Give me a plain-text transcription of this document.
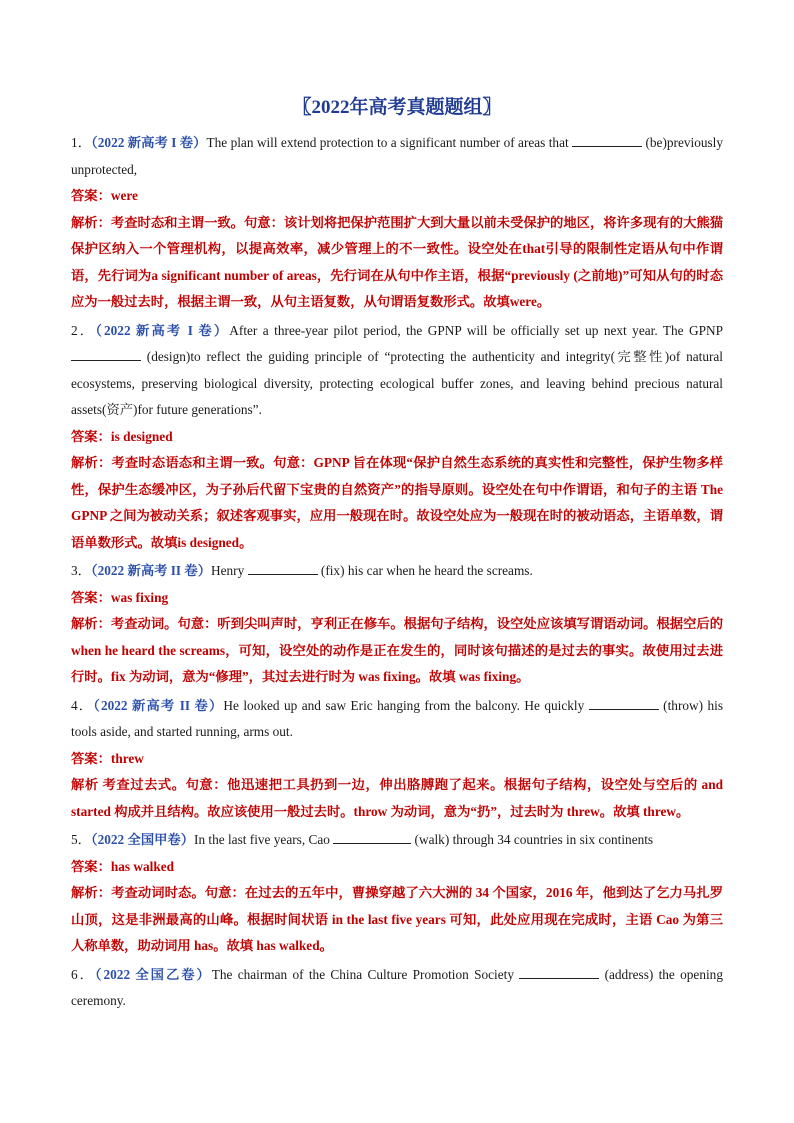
〖2022年高考真题题组〗

1．（2022 新高考 I 卷）The plan will extend protection to a significant number of areas that	(be)previously unprotected,

答案：were

解析：考查时态和主谓一致。句意：该计划将把保护范围扩大到大量以前未受保护的地区，将许多现有的大熊猫保护区纳入一个管理机构，以提高效率，减少管理上的不一致性。设空处在that引导的限制性定语从句中作谓语，先行词为a significant number of areas，先行词在从句中作主语，根据“previously (之前地)”可知从句的时态应为一般过去时，根据主谓一致，从句主语复数，从句谓语复数形式。故填were。

2．（2022 新高考 I 卷）After a three-year pilot period, the GPNP will be officially set up next year. The GPNP  (design)to reflect the guiding principle of “protecting the authenticity and integrity(完整性)of natural ecosystems, preserving biological diversity, protecting ecological buffer zones, and leaving behind precious natural assets(资产)for future generations”.

答案：is designed

解析：考查时态语态和主谓一致。句意：GPNP 旨在体现“保护自然生态系统的真实性和完整性，保护生物多样性，保护生态缓冲区，为子孙后代留下宝贵的自然资产”的指导原则。设空处在句中作谓语，和句子的主语 The GPNP 之间为被动关系；叙述客观事实，应用一般现在时。故设空处应为一般现在时的被动语态，主语单数，谓语单数形式。故填is designed。

3．（2022 新高考 II 卷）Henry	(fix) his car when he heard the screams.

答案：was fixing

解析：考查动词。句意：听到尖叫声时，亨利正在修车。根据句子结构，设空处应该填写谓语动词。根据空后的 when he heard the screams，可知，设空处的动作是正在发生的，同时该句描述的是过去的事实。故使用过去进行时。fix 为动词，意为“修理”，其过去进行时为 was fixing。故填 was fixing。

4．（2022 新高考 II 卷）He looked up and saw Eric hanging from the balcony. He quickly	(throw) his tools aside, and started running, arms out.

答案：threw

解析 考查过去式。句意：他迅速把工具扔到一边，伸出胳膊跑了起来。根据句子结构，设空处与空后的 and started 构成并且结构。故应该使用一般过去时。throw 为动词，意为“扔”，过去时为 threw。故填 threw。

5．（2022 全国甲卷）In the last five years, Cao	(walk) through 34 countries in six continents

答案：has walked

解析：考查动词时态。句意：在过去的五年中，曹操穿越了六大洲的 34 个国家，2016 年，他到达了乞力马扎罗山顶，这是非洲最高的山峰。根据时间状语 in the last five years 可知，此处应用现在完成时，主语 Cao 为第三人称单数，助动词用 has。故填 has walked。

6．（2022 全国乙卷）The chairman of the China Culture Promotion Society	(address) the opening ceremony.
